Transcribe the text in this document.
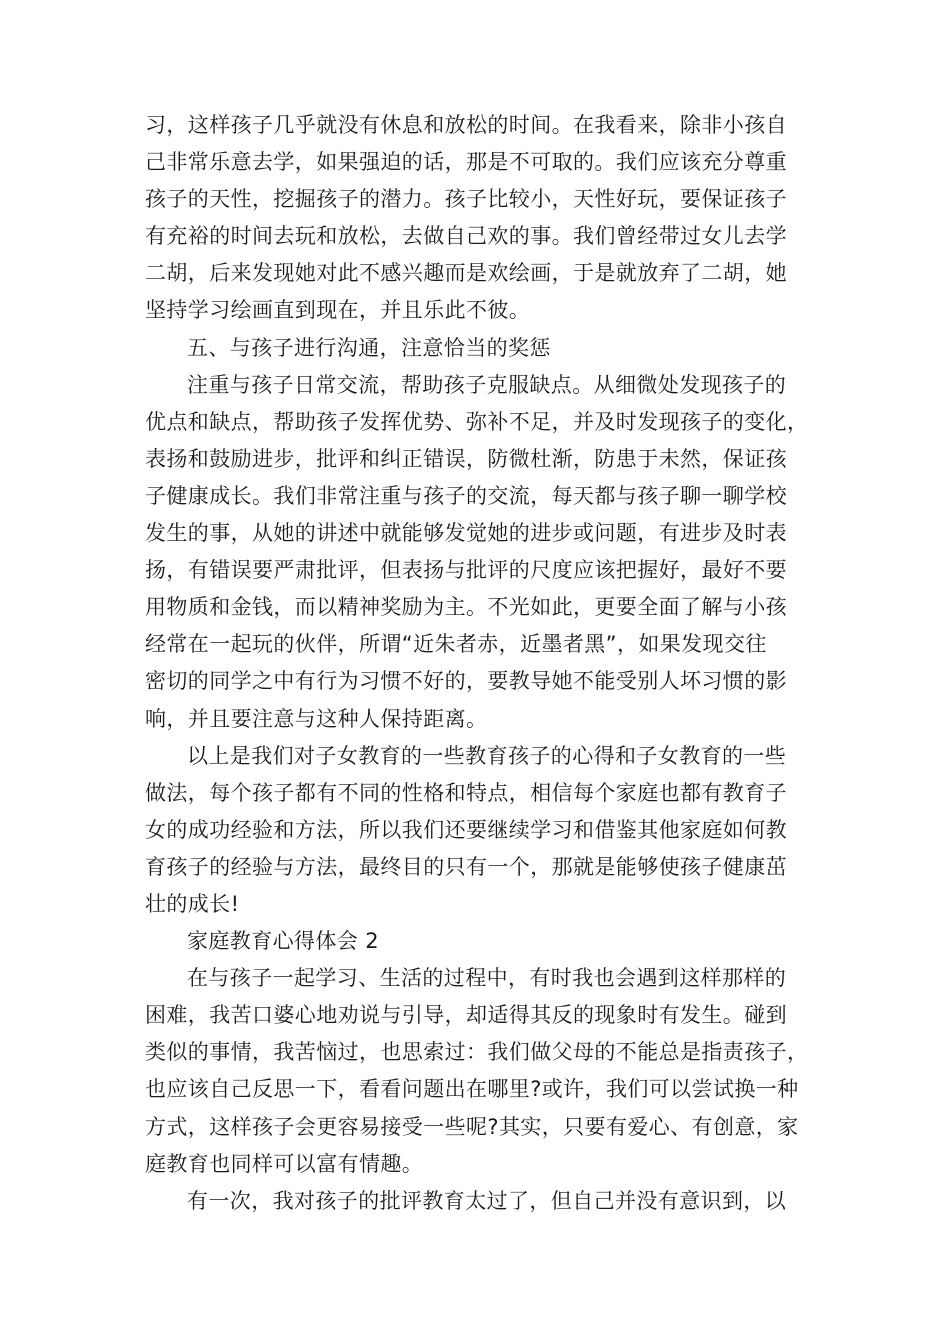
习，这样孩子几乎就没有休息和放松的时间。在我看来，除非小孩自
己非常乐意去学，如果强迫的话，那是不可取的。我们应该充分尊重
孩子的天性，挖掘孩子的潜力。孩子比较小，天性好玩，要保证孩子
有充裕的时间去玩和放松，去做自己欢的事。我们曾经带过女儿去学
二胡，后来发现她对此不感兴趣而是欢绘画，于是就放弃了二胡，她
坚持学习绘画直到现在，并且乐此不彼。
五、与孩子进行沟通，注意恰当的奖惩
注重与孩子日常交流，帮助孩子克服缺点。从细微处发现孩子的
优点和缺点，帮助孩子发挥优势、弥补不足，并及时发现孩子的变化，
表扬和鼓励进步，批评和纠正错误，防微杜渐，防患于未然，保证孩
子健康成长。我们非常注重与孩子的交流，每天都与孩子聊一聊学校
发生的事，从她的讲述中就能够发觉她的进步或问题，有进步及时表
扬，有错误要严肃批评，但表扬与批评的尺度应该把握好，最好不要
用物质和金钱，而以精神奖励为主。不光如此，更要全面了解与小孩
经常在一起玩的伙伴，所谓“近朱者赤，近墨者黑”，如果发现交往
密切的同学之中有行为习惯不好的，要教导她不能受别人坏习惯的影
响，并且要注意与这种人保持距离。
以上是我们对子女教育的一些教育孩子的心得和子女教育的一些
做法，每个孩子都有不同的性格和特点，相信每个家庭也都有教育子
女的成功经验和方法，所以我们还要继续学习和借鉴其他家庭如何教
育孩子的经验与方法，最终目的只有一个，那就是能够使孩子健康茁
壮的成长!
家庭教育心得体会 2
在与孩子一起学习、生活的过程中，有时我也会遇到这样那样的
困难，我苦口婆心地劝说与引导，却适得其反的现象时有发生。碰到
类似的事情，我苦恼过，也思索过：我们做父母的不能总是指责孩子，
也应该自己反思一下，看看问题出在哪里?或许，我们可以尝试换一种
方式，这样孩子会更容易接受一些呢?其实，只要有爱心、有创意，家
庭教育也同样可以富有情趣。
有一次，我对孩子的批评教育太过了，但自己并没有意识到，以
